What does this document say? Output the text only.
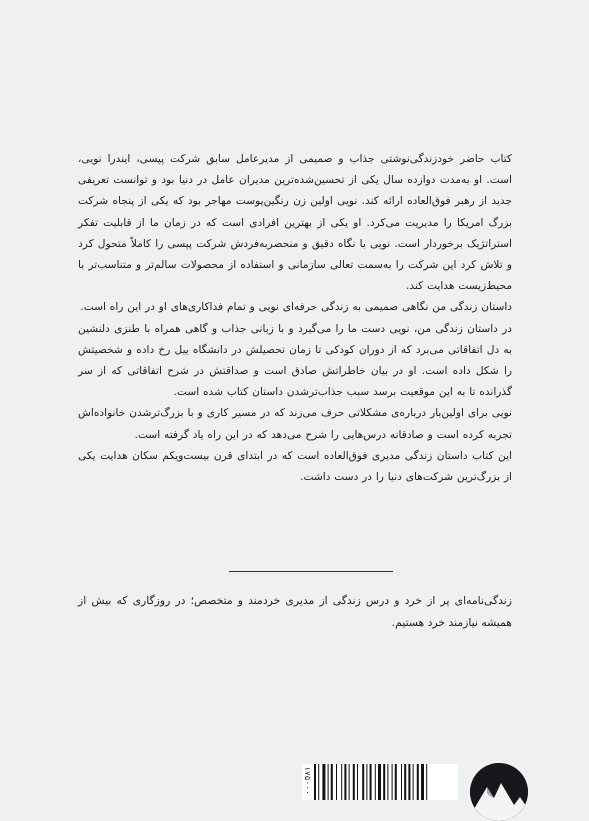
کتاب حاضر خودزندگی‌نوشتی جذاب و صمیمی از مدیرعامل سابق شرکت پپسی، ایندرا نویی، است. او به‌مدت دوازده سال یکی از تحسین‌شده‌ترین مدیران عامل در دنیا بود و توانست تعریفی جدید از رهبر فوق‌العاده ارائه کند. نویی اولین زن رنگین‌پوست مهاجر بود که یکی از پنجاه شرکت بزرگ امریکا را مدیریت می‌کرد. او یکی از بهترین افرادی است که در زمان ما از قابلیت تفکر استراتژیک برخوردار است. نویی با نگاه دقیق و منحصربه‌فردش شرکت پپسی را کاملاً متحول کرد و تلاش کرد این شرکت را به‌سمت تعالی سازمانی و استفاده از محصولات سالم‌تر و متناسب‌تر با محیط‌زیست هدایت کند.

داستان زندگی من نگاهی صمیمی به زندگی حرفه‌ای نویی و تمام فداکاری‌های او در این راه است.

در داستان زندگی من، نویی دست ما را می‌گیرد و با زبانی جذاب و گاهی همراه با طنزی دلنشین به دل اتفاقاتی می‌برد که از دوران کودکی تا زمان تحصیلش در دانشگاه ییل رخ داده و شخصیتش را شکل داده است. او در بیان خاطراتش صادق است و صداقتش در شرح اتفاقاتی که از سر گذرانده تا به این موقعیت برسد سبب جذاب‌ترشدن داستان کتاب شده است.

نویی برای اولین‌بار درباره‌ی مشکلاتی حرف می‌زند که در مسیر کاری و با بزرگ‌ترشدن خانواده‌اش تجربه کرده است و صادقانه درس‌هایی را شرح می‌دهد که در این راه یاد گرفته است.

این کتاب داستان زندگی مدیری فوق‌العاده است که در ابتدای قرن بیست‌ویکم سکان هدایت یکی از بزرگ‌ترین شرکت‌های دنیا را در دست داشت.

زندگی‌نامه‌ای پر از خرد و درس زندگی از مدیری خردمند و متخصص؛ در روزگاری که بیش از همیشه نیازمند خرد هستیم.

۱۷۵۰۰۰
